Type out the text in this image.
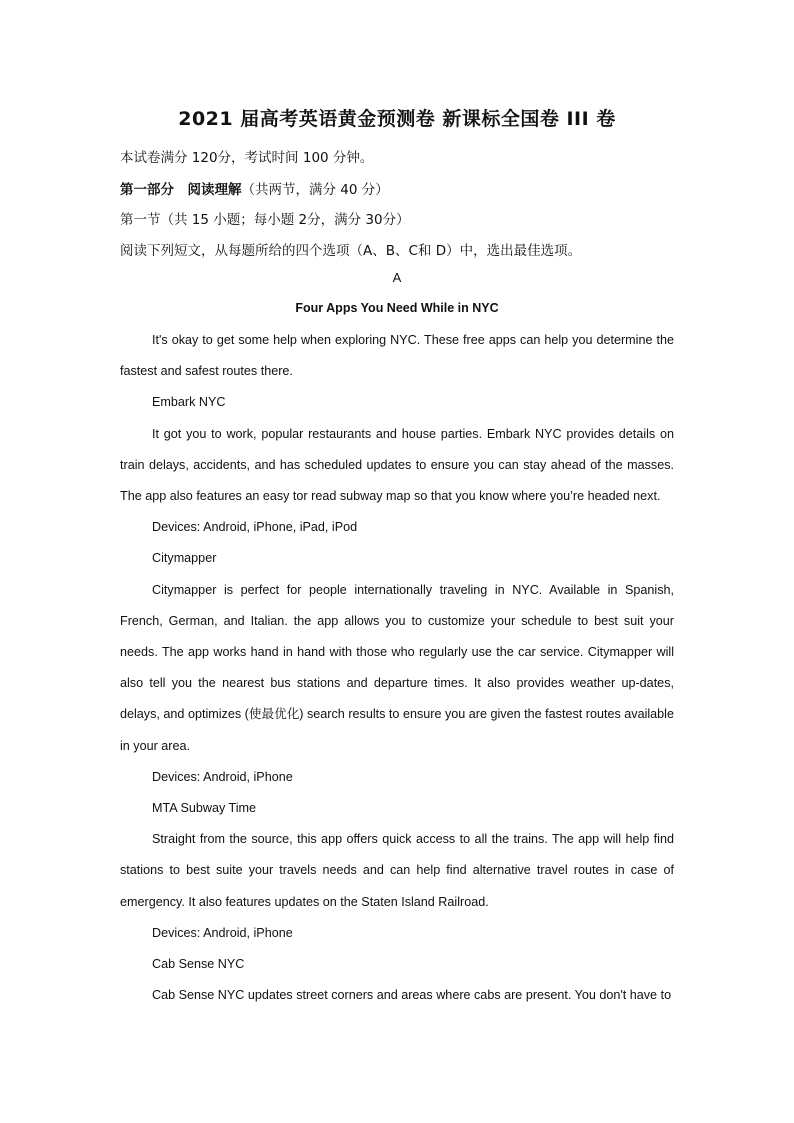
2021 届高考英语黄金预测卷 新课标全国卷 III 卷
本试卷满分 120分，考试时间 100 分钟。
第一部分　阅读理解（共两节，满分 40 分）
第一节（共 15 小题；每小题 2分，满分 30分）
阅读下列短文，从每题所给的四个选项（A、B、C和 D）中，选出最佳选项。
A
Four Apps You Need While in NYC

It's okay to get some help when exploring NYC. These free apps can help you determine the fastest and safest routes there.

Embark NYC

It got you to work, popular restaurants and house parties. Embark NYC provides details on train delays, accidents, and has scheduled updates to ensure you can stay ahead of the masses. The app also features an easy tor read subway map so that you know where you’re headed next.

Devices: Android, iPhone, iPad, iPod

Citymapper

Citymapper is perfect for people internationally traveling in NYC. Available in Spanish, French, German, and Italian. the app allows you to customize your schedule to best suit your needs. The app works hand in hand with those who regularly use the car service. Citymapper will also tell you the nearest bus stations and departure times. It also provides weather up-dates, delays, and optimizes (使最优化) search results to ensure you are given the fastest routes available in your area.

Devices: Android, iPhone

MTA Subway Time

Straight from the source, this app offers quick access to all the trains. The app will help find stations to best suite your travels needs and can help find alternative travel routes in case of emergency. It also features updates on the Staten Island Railroad.

Devices: Android, iPhone

Cab Sense NYC

Cab Sense NYC updates street corners and areas where cabs are present. You don't have to
